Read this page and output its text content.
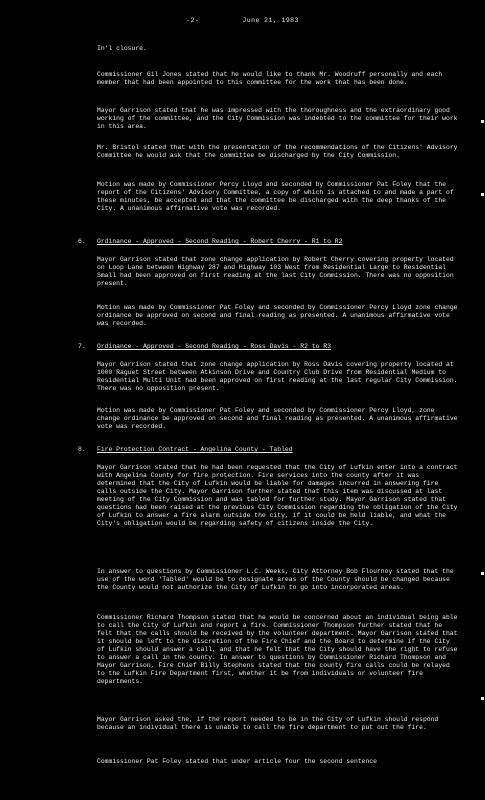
-2-	June 21, 1983
In'l closure.
Commissioner Gil Jones stated that he would like to thank Mr. Woodruff personally and each member that had been appointed to this committee for the work that has been done.
Mayor Garrison stated that he was impressed with the thoroughness and the extraordinary good working of the committee, and the City Commission was indebted to the committee for their work in this area.
Mr. Bristol stated that with the presentation of the recommendations of the Citizens' Advisory Committee he would ask that the committee be discharged by the City Commission.
Motion was made by Commissioner Percy Lloyd and seconded by Commissioner Pat Foley that the report of the Citizens' Advisory Committee, a copy of which is attached to and made a part of these minutes, be accepted and that the committee be discharged with the deep thanks of the City. A unanimous affirmative vote was recorded.
6. Ordinance - Approved - Second Reading - Robert Cherry - R1 to R2
Mayor Garrison stated that zone change application by Robert Cherry covering property located on Loop Lane between Highway 287 and Highway 103 West from Residential Large to Residential Small had been approved on first reading at the last City Commission. There was no opposition present.
Motion was made by Commissioner Pat Foley and seconded by Commissioner Percy Lloyd zone change ordinance be approved on second and final reading as presented. A unanimous affirmative vote was recorded.
7. Ordinance - Approved - Second Reading - Ross Davis - R2 to R3
Mayor Garrison stated that zone change application by Ross Davis covering property located at 1000 Raguet Street between Atkinson Drive and Country Club Drive from Residential Medium to Residential Multi Unit had been approved on first reading at the last regular City Commission. There was no opposition present.
Motion was made by Commissioner Pat Foley and seconded by Commissioner Percy Lloyd, zone change ordinance be approved on second and final reading as presented. A unanimous affirmative vote was recorded.
8. Fire Protection Contract - Angelina County - Tabled
Mayor Garrison stated that he had been requested that the City of Lufkin enter into a contract with Angelina County for fire protection. Fire services into the county after it was determined that the City of Lufkin would be liable for damages incurred in answering fire calls outside the City. Mayor Garrison further stated that this item was discussed at last meeting of the City Commission and was tabled for further study. Mayor Garrison stated that questions had been raised at the previous City Commission regarding the obligation of the City of Lufkin to answer a fire alarm outside the city, if it could be held liable, and what the City's obligation would be regarding safety of citizens inside the City.
In answer to questions by Commissioner L.C. Weeks, City Attorney Bob Flournoy stated that the use of the word 'Tabled' would be to designate areas of the County should be changed because the County would not authorize the City of Lufkin to go into incorporated areas.
Commissioner Richard Thompson stated that he would be concerned about an individual being able to call the City of Lufkin and report a fire. Commissioner Thompson further stated that he felt that the calls should be received by the volunteer department. Mayor Garrison stated that it should be left to the discretion of the Fire Chief and the Board to determine if the City of Lufkin should answer a call, and that he felt that the City should have the right to refuse to answer a call in the county. In answer to questions by Commissioner Richard Thompson and Mayor Garrison, Fire Chief Billy Stephens stated that the county fire calls could be relayed to the Lufkin Fire Department first, whether it be from individuals or volunteer fire departments.
Mayor Garrison asked the, if the report needed to be in the City of Lufkin should respond because an individual there is unable to call the fire department to put out the fire.
Commissioner Pat Foley stated that under article four the second sentence
